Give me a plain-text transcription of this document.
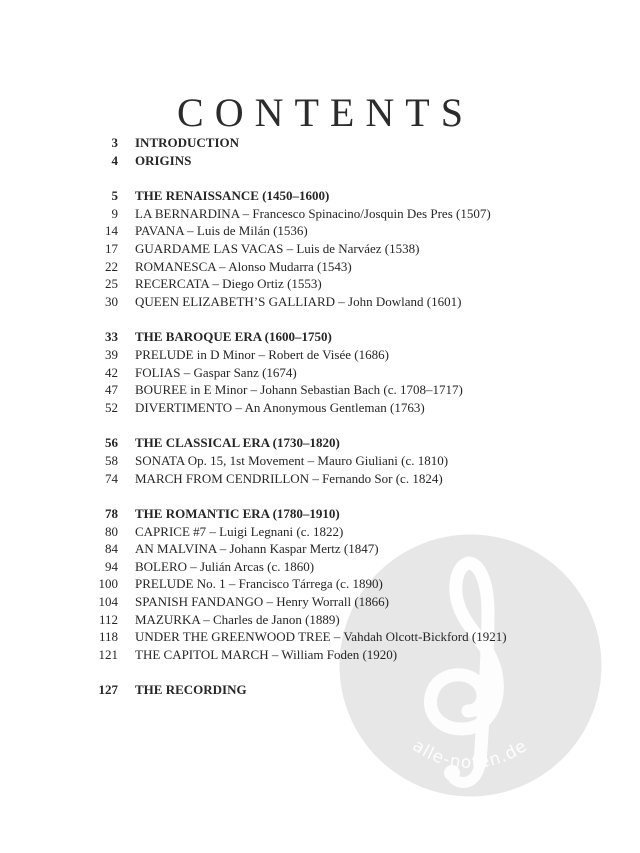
alle-noten.de
CONTENTS
3	INTRODUCTION
4	ORIGINS
5	THE RENAISSANCE (1450–1600)
9	LA BERNARDINA – Francesco Spinacino/Josquin Des Pres (1507)
14	PAVANA – Luis de Milán (1536)
17	GUARDAME LAS VACAS – Luis de Narváez (1538)
22	ROMANESCA – Alonso Mudarra (1543)
25	RECERCATA – Diego Ortiz (1553)
30	QUEEN ELIZABETH’S GALLIARD – John Dowland (1601)
33	THE BAROQUE ERA (1600–1750)
39	PRELUDE in D Minor – Robert de Visée (1686)
42	FOLIAS – Gaspar Sanz (1674)
47	BOUREE in E Minor – Johann Sebastian Bach (c. 1708–1717)
52	DIVERTIMENTO – An Anonymous Gentleman (1763)
56	THE CLASSICAL ERA (1730–1820)
58	SONATA Op. 15, 1st Movement – Mauro Giuliani (c. 1810)
74	MARCH FROM CENDRILLON – Fernando Sor (c. 1824)
78	THE ROMANTIC ERA (1780–1910)
80	CAPRICE #7 – Luigi Legnani (c. 1822)
84	AN MALVINA – Johann Kaspar Mertz (1847)
94	BOLERO – Julián Arcas (c. 1860)
100	PRELUDE No. 1 – Francisco Tárrega (c. 1890)
104	SPANISH FANDANGO – Henry Worrall (1866)
112	MAZURKA – Charles de Janon (1889)
118	UNDER THE GREENWOOD TREE – Vahdah Olcott-Bickford (1921)
121	THE CAPITOL MARCH – William Foden (1920)
127	THE RECORDING
